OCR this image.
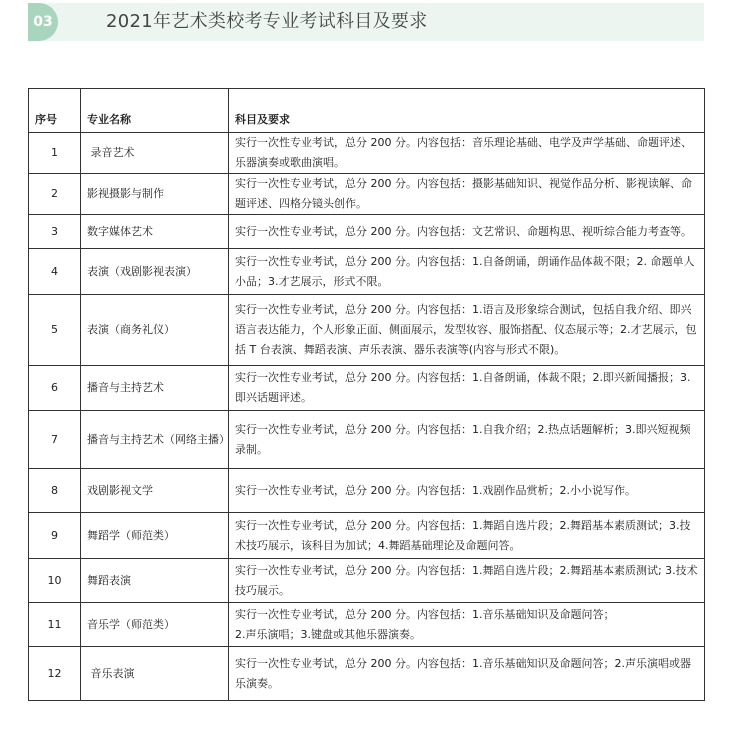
03	2021年艺术类校考专业考试科目及要求
序号	专业名称	科目及要求
1	录音艺术	实行一次性专业考试，总分 200 分。内容包括：音乐理论基础、电学及声学基础、命题评述、乐器演奏或歌曲演唱。
2	影视摄影与制作	实行一次性专业考试，总分 200 分。内容包括：摄影基础知识、视觉作品分析、影视读解、命题评述、四格分镜头创作。
3	数字媒体艺术	实行一次性专业考试，总分 200 分。内容包括：文艺常识、命题构思、视听综合能力考查等。
4	表演（戏剧影视表演）	实行一次性专业考试，总分 200 分。内容包括：1.自备朗诵，朗诵作品体裁不限；2. 命题单人小品；3.才艺展示，形式不限。
5	表演（商务礼仪）	实行一次性专业考试，总分 200 分。内容包括：1.语言及形象综合测试，包括自我介绍、即兴语言表达能力，个人形象正面、侧面展示，发型妆容、服饰搭配、仪态展示等；2.才艺展示，包括 T 台表演、舞蹈表演、声乐表演、器乐表演等(内容与形式不限)。
6	播音与主持艺术	实行一次性专业考试，总分 200 分。内容包括：1.自备朗诵，体裁不限；2.即兴新闻播报；3.即兴话题评述。
7	播音与主持艺术（网络主播）	实行一次性专业考试，总分 200 分。内容包括：1.自我介绍；2.热点话题解析；3.即兴短视频录制。
8	戏剧影视文学	实行一次性专业考试，总分 200 分。内容包括：1.戏剧作品赏析；2.小小说写作。
9	舞蹈学（师范类）	实行一次性专业考试，总分 200 分。内容包括：1.舞蹈自选片段；2.舞蹈基本素质测试；3.技术技巧展示，该科目为加试；4.舞蹈基础理论及命题问答。
10	舞蹈表演	实行一次性专业考试，总分 200 分。内容包括：1.舞蹈自选片段；2.舞蹈基本素质测试; 3.技术技巧展示。
11	音乐学（师范类）	实行一次性专业考试，总分 200 分。内容包括：1.音乐基础知识及命题问答；
2.声乐演唱；3.键盘或其他乐器演奏。

12	音乐表演	实行一次性专业考试，总分 200 分。内容包括：1.音乐基础知识及命题问答；2.声乐演唱或器乐演奏。
